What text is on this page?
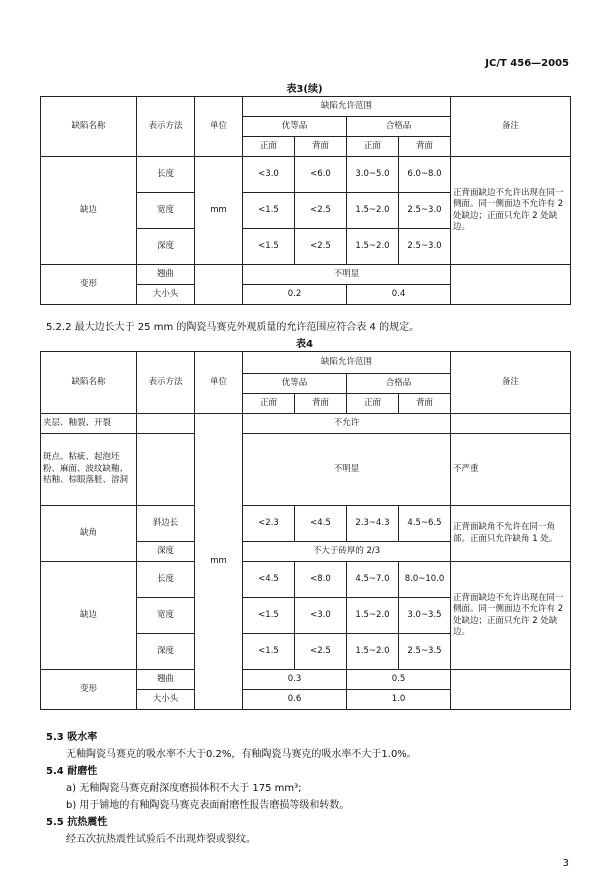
JC/T 456—2005
表3(续)
缺陷名称	表示方法	单位	缺陷允许范围				备注
			优等品		合格品		
			正面	背面	正面	背面	
缺边	长度	mm	<3.0	<6.0	3.0~5.0	6.0~8.0	正背面缺边不允许出现在同一侧面。同一侧面边不允许有 2 处缺边；正面只允许 2 处缺边。
	宽度		<1.5	<2.5	1.5~2.0	2.5~3.0	
	深度		<1.5	<2.5	1.5~2.0	2.5~3.0	
变形	翘曲		不明显				
	大小头		0.2		0.4		
5.2.2 最大边长大于 25 mm 的陶瓷马赛克外观质量的允许范围应符合表 4 的规定。
表4
缺陷名称	表示方法	单位	缺陷允许范围				备注
			优等品		合格品		
			正面	背面	正面	背面	
夹层、釉裂、开裂		mm	不允许				
斑点、粘疵、起泡坯粉、麻面、波纹缺釉、桔釉、棕眼落脏、溶洞			不明显				不严重
缺角	斜边长		<2.3	<4.5	2.3~4.3	4.5~6.5	正背面缺角不允许在同一角部。正面只允许缺角 1 处。
	深度		不大于砖厚的 2/3				
缺边	长度		<4.5	<8.0	4.5~7.0	8.0~10.0	正背面缺边不允许出现在同一侧面。同一侧面边不允许有 2 处缺边；正面只允许 2 处缺边。
	宽度		<1.5	<3.0	1.5~2.0	3.0~3.5	
	深度		<1.5	<2.5	1.5~2.0	2.5~3.5	
变形	翘曲		0.3		0.5		
	大小头		0.6		1.0		
5.3 吸水率
无釉陶瓷马赛克的吸水率不大于0.2%，有釉陶瓷马赛克的吸水率不大于1.0%。
5.4 耐磨性
a) 无釉陶瓷马赛克耐深度磨损体积不大于 175 mm³;
b) 用于铺地的有釉陶瓷马赛克表面耐磨性报告磨损等级和转数。
5.5 抗热震性
经五次抗热震性试验后不出现炸裂或裂纹。
3
